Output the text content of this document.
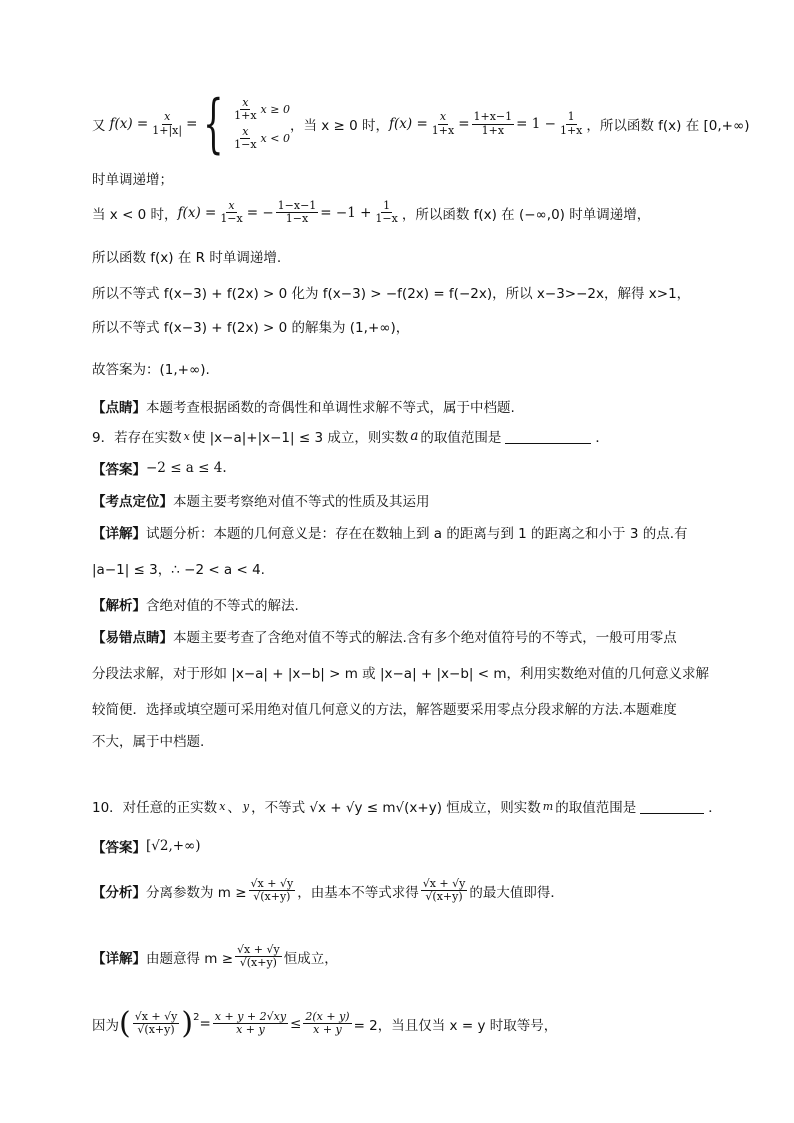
又 $f(x) = \frac{x}{1+|x|}$ = { $\frac{x}{1+x}$ x ≥ 0
$\frac{x}{1-x}$ x < 0
，当 x ≥ 0 时， $f(x) = \frac{x}{1+x} = \frac{1+x-1}{1+x} = 1 - \frac{1}{1+x}$ ，所以函数 f(x) 在 [0,+∞)
时单调递增；
当 x < 0 时， $f(x) = \frac{x}{1-x}$ = − $\frac{1-x-1}{1-x} = -1 + \frac{1}{1-x}$ ，所以函数 f(x) 在 (−∞,0) 时单调递增，
所以函数 f(x) 在 R 时单调递增.
所以不等式 f(x−3) + f(2x) > 0 化为 f(x−3) > −f(2x) = f(−2x)，所以 x−3>−2x，解得 x>1，
所以不等式 f(x−3) + f(2x) > 0 的解集为 (1,+∞)，
故答案为：(1,+∞).
【点睛】 本题考查根据函数的奇偶性和单调性求解不等式，属于中档题.
9．若存在实数 x 使 |x−a|+|x−1| ≤ 3 成立，则实数 a 的取值范围是	．
【答案】 −2 ≤ a ≤ 4.
【考点定位】 本题主要考察绝对值不等式的性质及其运用
【详解】 试题分析：本题的几何意义是：存在在数轴上到 a 的距离与到 1 的距离之和小于 3 的点.有
|a−1| ≤ 3，∴ −2 < a < 4.
【解析】 含绝对值的不等式的解法.
【易错点睛】 本题主要考查了含绝对值不等式的解法.含有多个绝对值符号的不等式，一般可用零点
分段法求解，对于形如 |x−a| + |x−b| > m 或 |x−a| + |x−b| < m，利用实数绝对值的几何意义求解
较简便．选择或填空题可采用绝对值几何意义的方法，解答题要采用零点分段求解的方法.本题难度
不大，属于中档题.
10．对任意的正实数 x 、 y ，不等式 √x + √y ≤ m√(x+y) 恒成立，则实数 m 的取值范围是	．
【答案】 [√2,+∞)
【分析】 分离参数为 $m \ge \frac{√x + √y}{√(x+y)}$ ，由基本不等式求得 $\frac{√x + √y}{√(x+y)}$ 的最大值即得．
【详解】 由题意得 $m \ge \frac{√x + √y}{√(x+y)}$ 恒成立，
因为 ( $\frac{√x + √y}{√(x+y)}$ ) $2 = \frac{x + y + 2√xy}{x + y} \le \frac{2(x + y)}{x + y} = 2$，当且仅当 x = y 时取等号，
